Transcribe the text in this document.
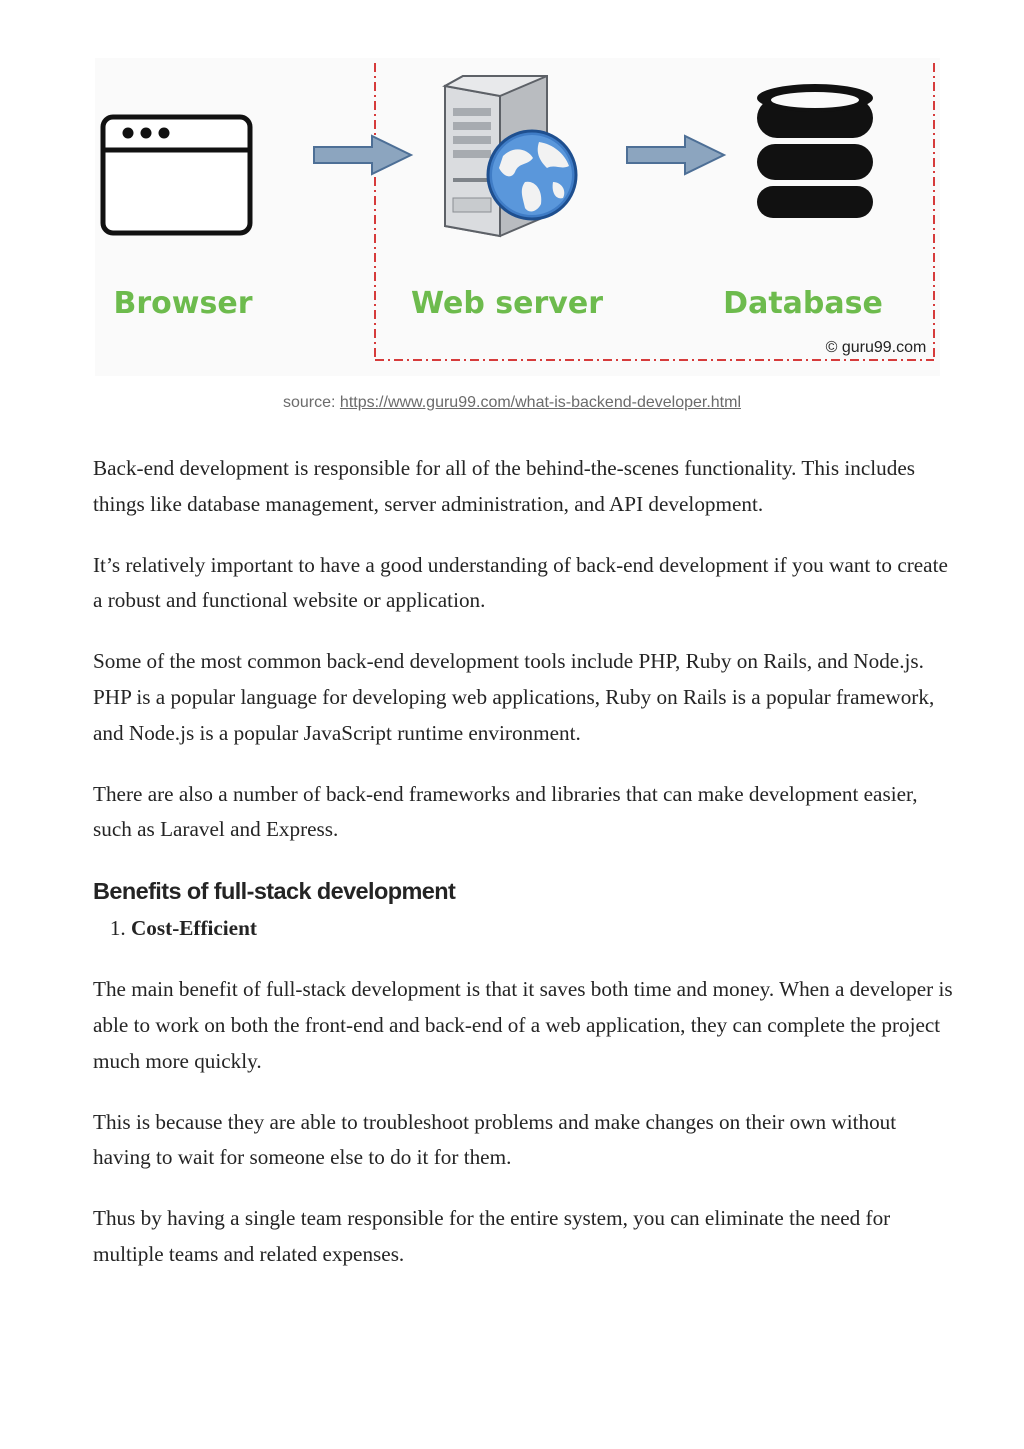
Browser	Web server	Database
© guru99.com
source: https://www.guru99.com/what-is-backend-developer.html

Back-end development is responsible for all of the behind-the-scenes functionality. This includes things like database management, server administration, and API development.

It’s relatively important to have a good understanding of back-end development if you want to create a robust and functional website or application.

Some of the most common back-end development tools include PHP, Ruby on Rails, and Node.js. PHP is a popular language for developing web applications, Ruby on Rails is a popular framework, and Node.js is a popular JavaScript runtime environment.

There are also a number of back-end frameworks and libraries that can make development easier, such as Laravel and Express.

Benefits of full-stack development
1. Cost-Efficient

The main benefit of full-stack development is that it saves both time and money. When a developer is able to work on both the front-end and back-end of a web application, they can complete the project much more quickly.

This is because they are able to troubleshoot problems and make changes on their own without having to wait for someone else to do it for them.

Thus by having a single team responsible for the entire system, you can eliminate the need for multiple teams and related expenses.
